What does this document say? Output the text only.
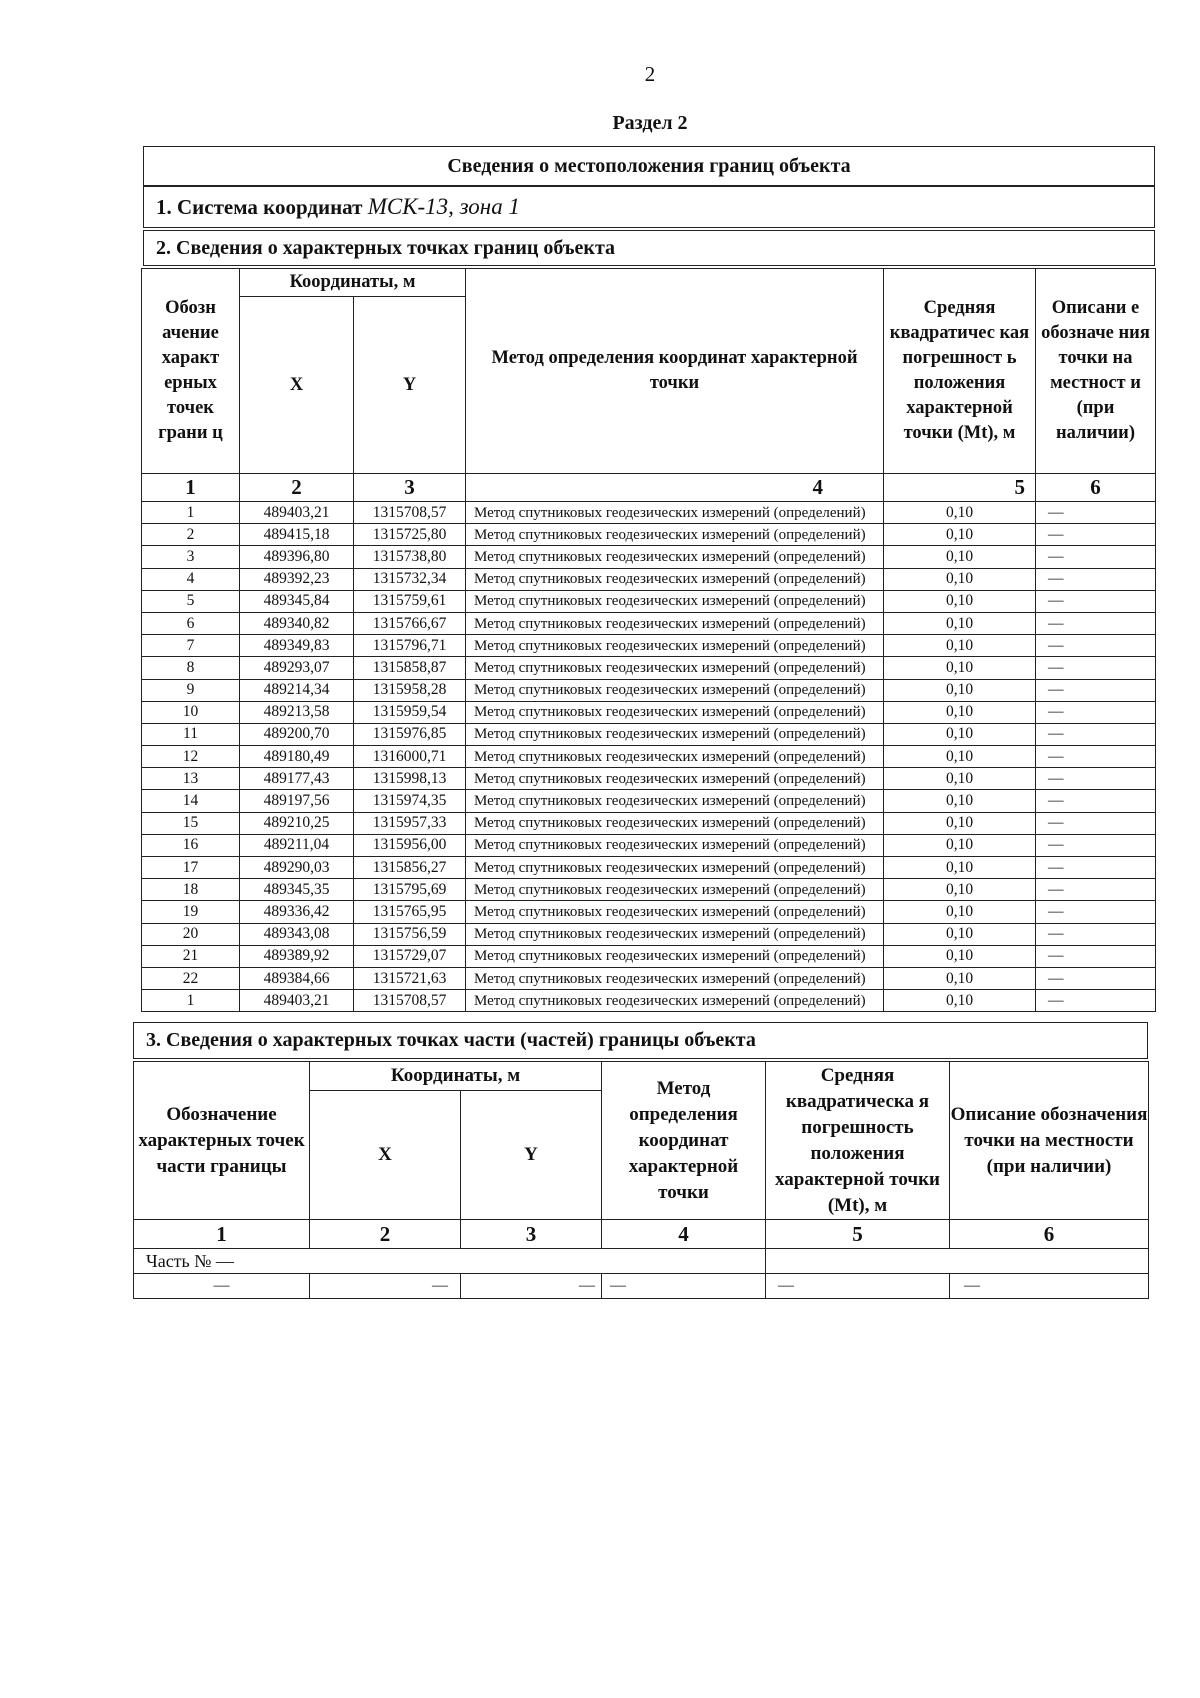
2
Раздел 2
Сведения о местоположения границ объекта
1. Система координат МСК-13, зона 1
2. Сведения о характерных точках границ объекта
Обозн ачение характ ерных точек грани ц	Координаты, м		Метод определения координат характерной точки	Средняя квадратичес кая погрешност ь положения характерной точки (Mt), м	Описани е обозначе ния точки на местност и (при наличии)
	X	Y			
1	2	3	4	5	6
1	489403,21	1315708,57	Метод спутниковых геодезических измерений (определений)	0,10	—
2	489415,18	1315725,80	Метод спутниковых геодезических измерений (определений)	0,10	—
3	489396,80	1315738,80	Метод спутниковых геодезических измерений (определений)	0,10	—
4	489392,23	1315732,34	Метод спутниковых геодезических измерений (определений)	0,10	—
5	489345,84	1315759,61	Метод спутниковых геодезических измерений (определений)	0,10	—
6	489340,82	1315766,67	Метод спутниковых геодезических измерений (определений)	0,10	—
7	489349,83	1315796,71	Метод спутниковых геодезических измерений (определений)	0,10	—
8	489293,07	1315858,87	Метод спутниковых геодезических измерений (определений)	0,10	—
9	489214,34	1315958,28	Метод спутниковых геодезических измерений (определений)	0,10	—
10	489213,58	1315959,54	Метод спутниковых геодезических измерений (определений)	0,10	—
11	489200,70	1315976,85	Метод спутниковых геодезических измерений (определений)	0,10	—
12	489180,49	1316000,71	Метод спутниковых геодезических измерений (определений)	0,10	—
13	489177,43	1315998,13	Метод спутниковых геодезических измерений (определений)	0,10	—
14	489197,56	1315974,35	Метод спутниковых геодезических измерений (определений)	0,10	—
15	489210,25	1315957,33	Метод спутниковых геодезических измерений (определений)	0,10	—
16	489211,04	1315956,00	Метод спутниковых геодезических измерений (определений)	0,10	—
17	489290,03	1315856,27	Метод спутниковых геодезических измерений (определений)	0,10	—
18	489345,35	1315795,69	Метод спутниковых геодезических измерений (определений)	0,10	—
19	489336,42	1315765,95	Метод спутниковых геодезических измерений (определений)	0,10	—
20	489343,08	1315756,59	Метод спутниковых геодезических измерений (определений)	0,10	—
21	489389,92	1315729,07	Метод спутниковых геодезических измерений (определений)	0,10	—
22	489384,66	1315721,63	Метод спутниковых геодезических измерений (определений)	0,10	—
1	489403,21	1315708,57	Метод спутниковых геодезических измерений (определений)	0,10	—
3. Сведения о характерных точках части (частей) границы объекта
Обозначение характерных точек части границы	Координаты, м		Метод определения координат характерной точки	Средняя квадратическа я погрешность положения характерной точки (Mt), м	Описание обозначения точки на местности (при наличии)
	X	Y			
1	2	3	4	5	6
Часть № —					
—	—	—	—	—	—
